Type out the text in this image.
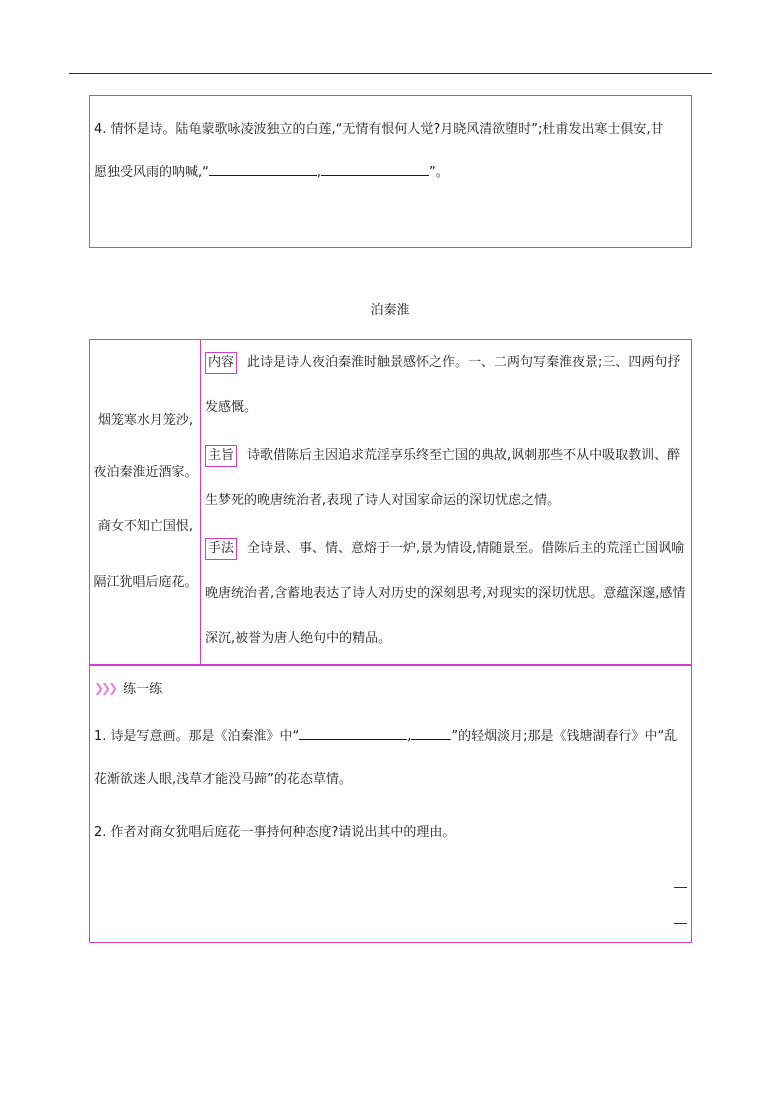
4. 情怀是诗。陆龟蒙歌咏凌波独立的白莲,“无情有恨何人觉?月晓风清欲堕时”;杜甫发出寒士俱安,甘

愿独受风雨的呐喊,“	,	”。

泊秦淮
烟笼寒水月笼沙,
夜泊秦淮近酒家。
商女不知亡国恨,
隔江犹唱后庭花。

内容 此诗是诗人夜泊秦淮时触景感怀之作。一、二两句写秦淮夜景;三、四两句抒发感慨。

主旨 诗歌借陈后主因追求荒淫享乐终至亡国的典故,讽刺那些不从中吸取教训、醉生梦死的晚唐统治者,表现了诗人对国家命运的深切忧虑之情。

手法 全诗景、事、情、意熔于一炉,景为情设,情随景至。借陈后主的荒淫亡国讽喻晚唐统治者,含蓄地表达了诗人对历史的深刻思考,对现实的深切忧思。意蕴深邃,感情深沉,被誉为唐人绝句中的精品。

❯❯❯ 练一练

1. 诗是写意画。那是《泊秦淮》中“	,	”的轻烟淡月;那是《钱塘湖春行》中“乱

花渐欲迷人眼,浅草才能没马蹄”的花态草情。

2. 作者对商女犹唱后庭花一事持何种态度?请说出其中的理由。
